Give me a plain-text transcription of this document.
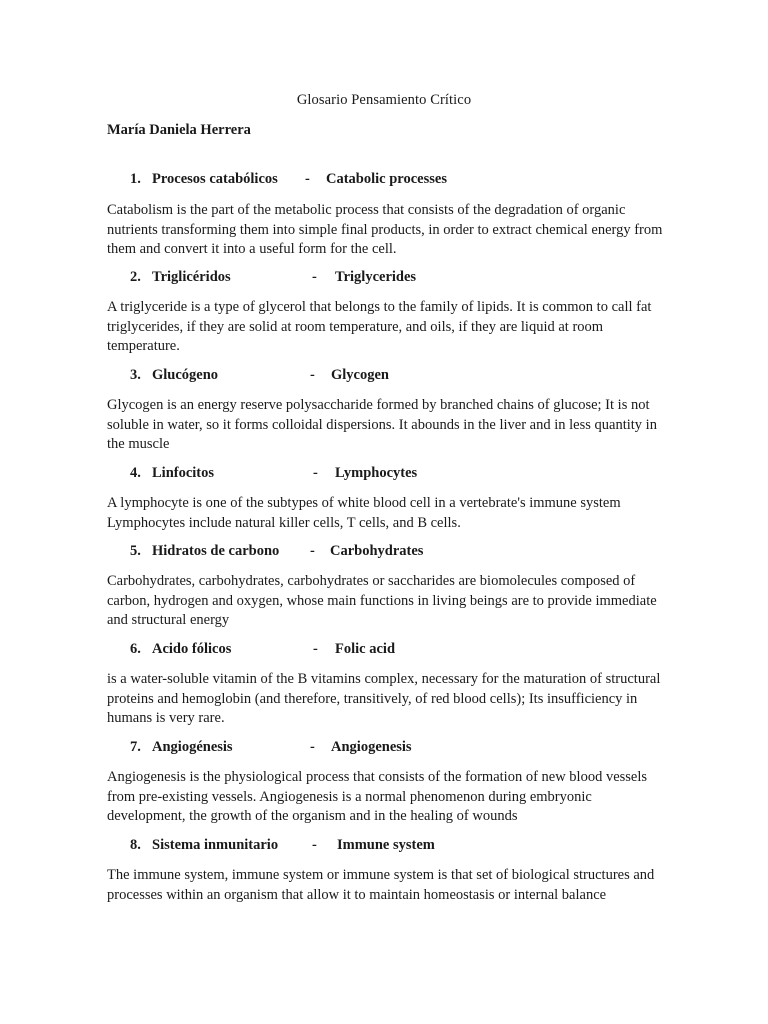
Glosario Pensamiento Crítico
María Daniela Herrera
1. Procesos catabólicos - Catabolic processes
Catabolism is the part of the metabolic process that consists of the degradation of organic nutrients transforming them into simple final products, in order to extract chemical energy from them and convert it into a useful form for the cell.
2. Triglicéridos	- Triglycerides
A triglyceride is a type of glycerol that belongs to the family of lipids. It is common to call fat triglycerides, if they are solid at room temperature, and oils, if they are liquid at room temperature.
3. Glucógeno	- Glycogen
Glycogen is an energy reserve polysaccharide formed by branched chains of glucose; It is not soluble in water, so it forms colloidal dispersions. It abounds in the liver and in less quantity in the muscle
4. Linfocitos	- Lymphocytes
A lymphocyte is one of the subtypes of white blood cell in a vertebrate's immune system Lymphocytes include natural killer cells, T cells, and B cells.
5. Hidratos de carbono - Carbohydrates
Carbohydrates, carbohydrates, carbohydrates or saccharides are biomolecules composed of carbon, hydrogen and oxygen, whose main functions in living beings are to provide immediate and structural energy
6. Acido fólicos	- Folic acid
is a water-soluble vitamin of the B vitamins complex, necessary for the maturation of structural proteins and hemoglobin (and therefore, transitively, of red blood cells); Its insufficiency in humans is very rare.
7. Angiogénesis	- Angiogenesis
Angiogenesis is the physiological process that consists of the formation of new blood vessels from pre-existing vessels. Angiogenesis is a normal phenomenon during embryonic development, the growth of the organism and in the healing of wounds
8. Sistema inmunitario - Immune system
The immune system, immune system or immune system is that set of biological structures and processes within an organism that allow it to maintain homeostasis or internal balance
